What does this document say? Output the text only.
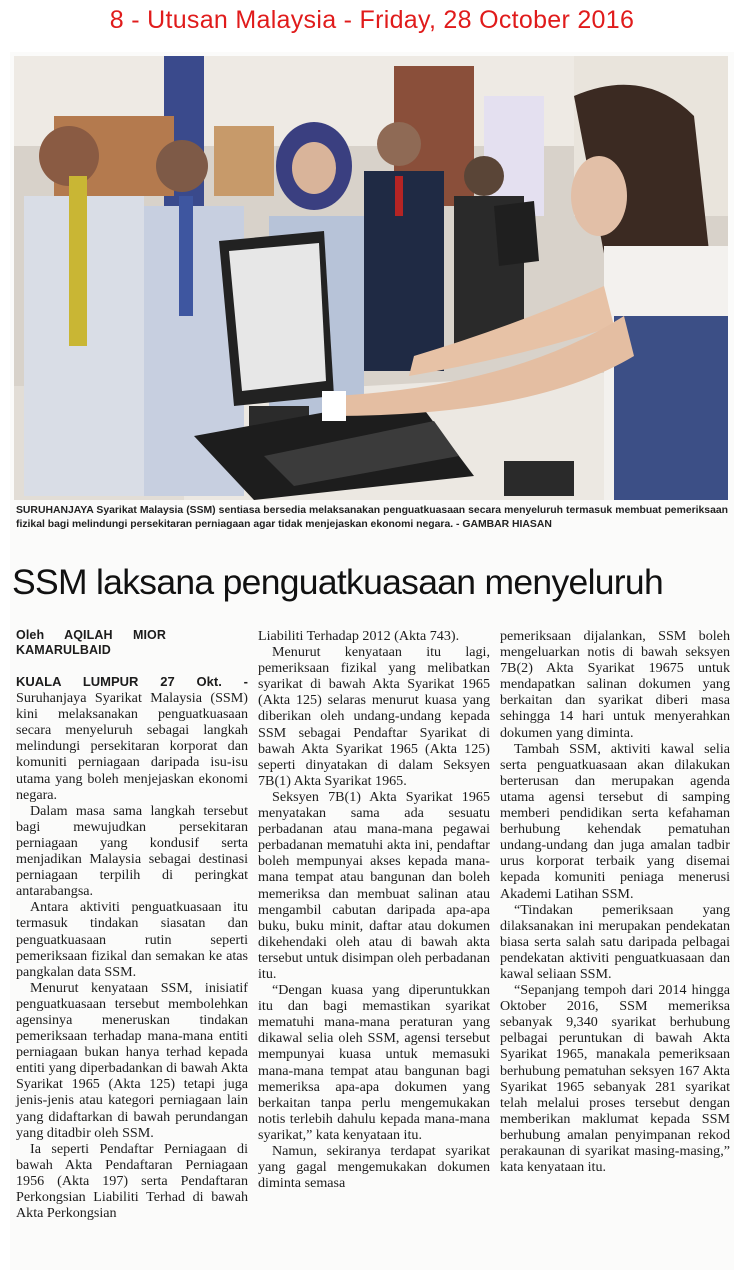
8 - Utusan Malaysia - Friday, 28 October 2016
SURUHANJAYA Syarikat Malaysia (SSM) sentiasa bersedia melaksanakan penguatkuasaan secara menyeluruh termasuk membuat pemeriksaan fizikal bagi melindungi persekitaran perniagaan agar tidak menjejaskan ekonomi negara. - GAMBAR HIASAN
SSM laksana penguatkuasaan menyeluruh
Oleh AQILAH MIOR KAMARULBAID

KUALA LUMPUR 27 Okt. - Suruhanjaya Syarikat Malaysia (SSM) kini melaksanakan penguatkuasaan secara menyeluruh sebagai langkah melindungi persekitaran korporat dan komuniti perniagaan daripada isu-isu utama yang boleh menjejaskan ekonomi negara.

Dalam masa sama langkah tersebut bagi mewujudkan persekitaran perniagaan yang kondusif serta menjadikan Malaysia sebagai destinasi perniagaan terpilih di peringkat antarabangsa.

Antara aktiviti penguatkuasaan itu termasuk tindakan siasatan dan penguatkuasaan rutin seperti pemeriksaan fizikal dan semakan ke atas pangkalan data SSM.

Menurut kenyataan SSM, inisiatif penguatkuasaan tersebut membolehkan agensinya meneruskan tindakan pemeriksaan terhadap mana-mana entiti perniagaan bukan hanya terhad kepada entiti yang diperbadankan di bawah Akta Syarikat 1965 (Akta 125) tetapi juga jenis-jenis atau kategori perniagaan lain yang didaftarkan di bawah perundangan yang ditadbir oleh SSM.

Ia seperti Pendaftar Perniagaan di bawah Akta Pendaftaran Perniagaan 1956 (Akta 197) serta Pendaftaran Perkongsian Liabiliti Terhad di bawah Akta Perkongsian

Liabiliti Terhadap 2012 (Akta 743).

Menurut kenyataan itu lagi, pemeriksaan fizikal yang melibatkan syarikat di bawah Akta Syarikat 1965 (Akta 125) selaras menurut kuasa yang diberikan oleh undang-undang kepada SSM sebagai Pendaftar Syarikat di bawah Akta Syarikat 1965 (Akta 125) seperti dinyatakan di dalam Seksyen 7B(1) Akta Syarikat 1965.

Seksyen 7B(1) Akta Syarikat 1965 menyatakan sama ada sesuatu perbadanan atau mana-mana pegawai perbadanan mematuhi akta ini, pendaftar boleh mempunyai akses kepada mana-mana tempat atau bangunan dan boleh memeriksa dan membuat salinan atau mengambil cabutan daripada apa-apa buku, buku minit, daftar atau dokumen dikehendaki oleh atau di bawah akta tersebut untuk disimpan oleh perbadanan itu.

“Dengan kuasa yang diperuntukkan itu dan bagi memastikan syarikat mematuhi mana-mana peraturan yang dikawal selia oleh SSM, agensi tersebut mempunyai kuasa untuk memasuki mana-mana tempat atau bangunan bagi memeriksa apa-apa dokumen yang berkaitan tanpa perlu mengemukakan notis terlebih dahulu kepada mana-mana syarikat,” kata kenyataan itu.

Namun, sekiranya terdapat syarikat yang gagal mengemukakan dokumen diminta semasa

pemeriksaan dijalankan, SSM boleh mengeluarkan notis di bawah seksyen 7B(2) Akta Syarikat 19675 untuk mendapatkan salinan dokumen yang berkaitan dan syarikat diberi masa sehingga 14 hari untuk menyerahkan dokumen yang diminta.

Tambah SSM, aktiviti kawal selia serta penguatkuasaan akan dilakukan berterusan dan merupakan agenda utama agensi tersebut di samping memberi pendidikan serta kefahaman berhubung kehendak pematuhan undang-undang dan juga amalan tadbir urus korporat terbaik yang disemai kepada komuniti peniaga menerusi Akademi Latihan SSM.

“Tindakan pemeriksaan yang dilaksanakan ini merupakan pendekatan biasa serta salah satu daripada pelbagai pendekatan aktiviti penguatkuasaan dan kawal seliaan SSM.

“Sepanjang tempoh dari 2014 hingga Oktober 2016, SSM memeriksa sebanyak 9,340 syarikat berhubung pelbagai peruntukan di bawah Akta Syarikat 1965, manakala pemeriksaan berhubung pematuhan seksyen 167 Akta Syarikat 1965 sebanyak 281 syarikat telah melalui proses tersebut dengan memberikan maklumat kepada SSM berhubung amalan penyimpanan rekod perakaunan di syarikat masing-masing,” kata kenyataan itu.
